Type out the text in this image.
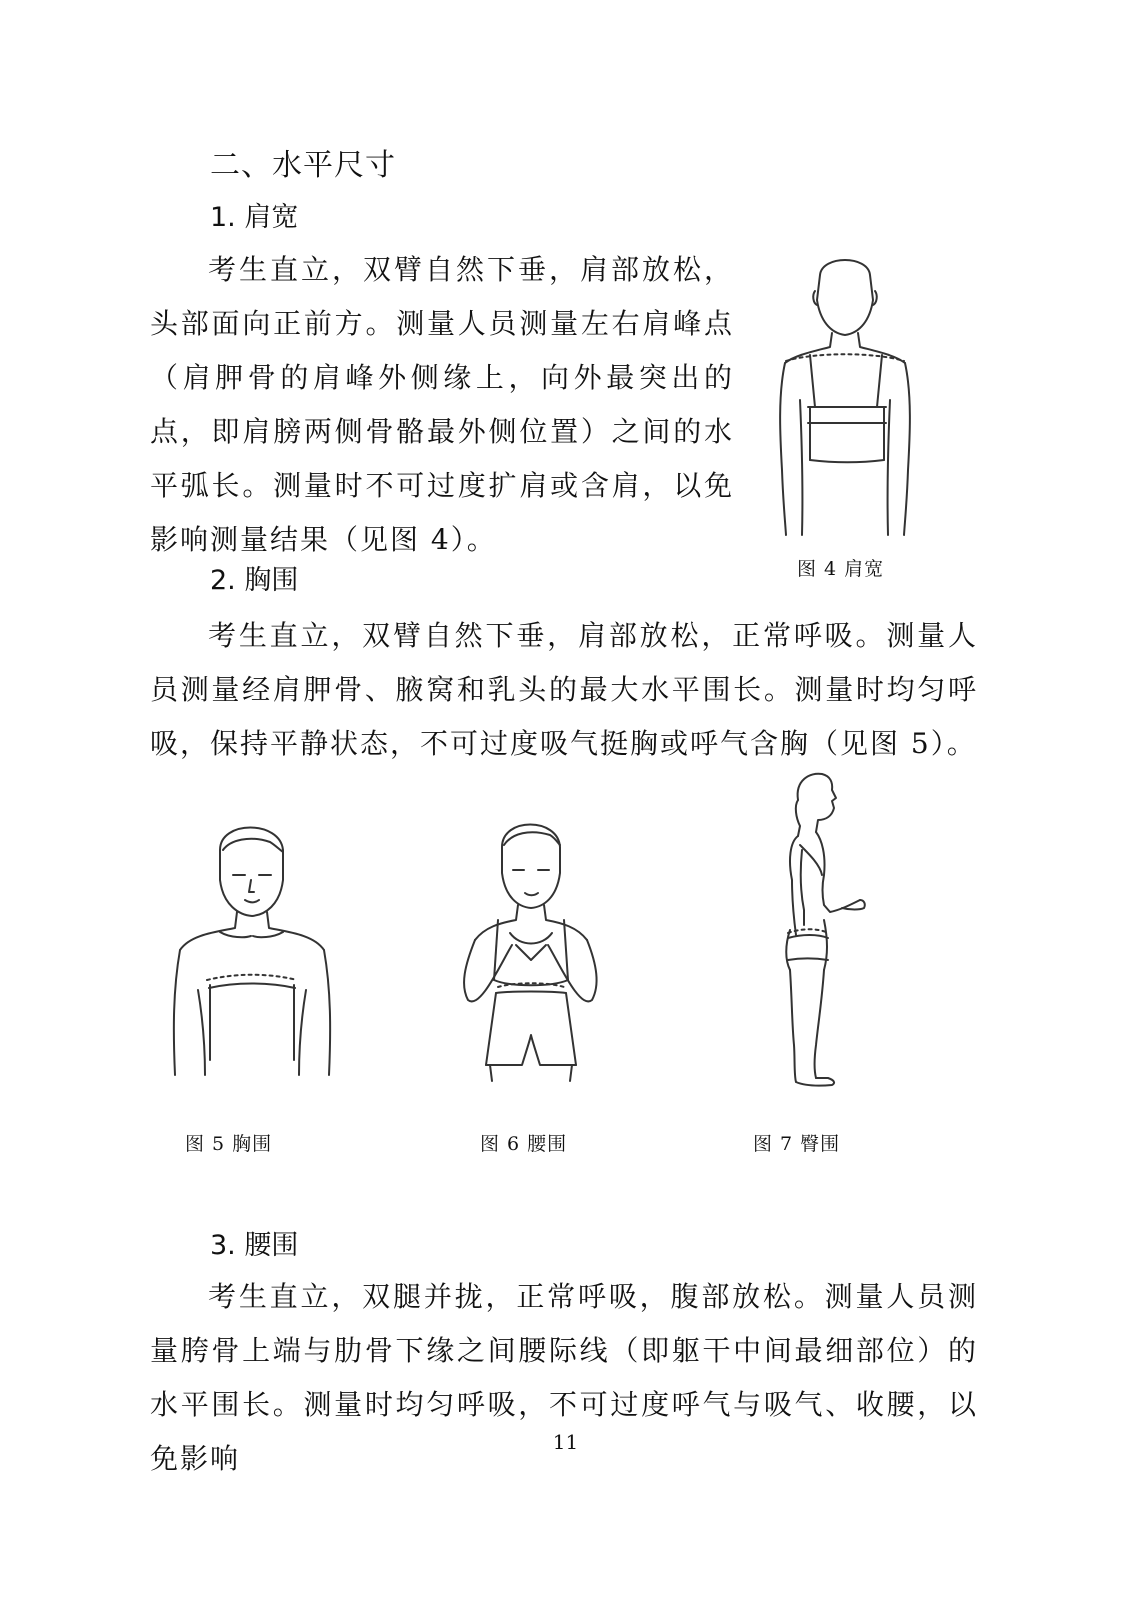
二、水平尺寸
1. 肩宽

考生直立，双臂自然下垂，肩部放松，头部面向正前方。测量人员测量左右肩峰点（肩胛骨的肩峰外侧缘上，向外最突出的点，即肩膀两侧骨骼最外侧位置）之间的水平弧长。测量时不可过度扩肩或含肩，以免影响测量结果（见图 4）。

图 4 肩宽
2. 胸围

考生直立，双臂自然下垂，肩部放松，正常呼吸。测量人员测量经肩胛骨、腋窝和乳头的最大水平围长。测量时均匀呼吸，保持平静状态，不可过度吸气挺胸或呼气含胸（见图 5）。

图 5 胸围	图 6 腰围	图 7 臀围
3. 腰围

考生直立，双腿并拢，正常呼吸，腹部放松。测量人员测量胯骨上端与肋骨下缘之间腰际线（即躯干中间最细部位）的水平围长。测量时均匀呼吸，不可过度呼气与吸气、收腰，以免影响	11
